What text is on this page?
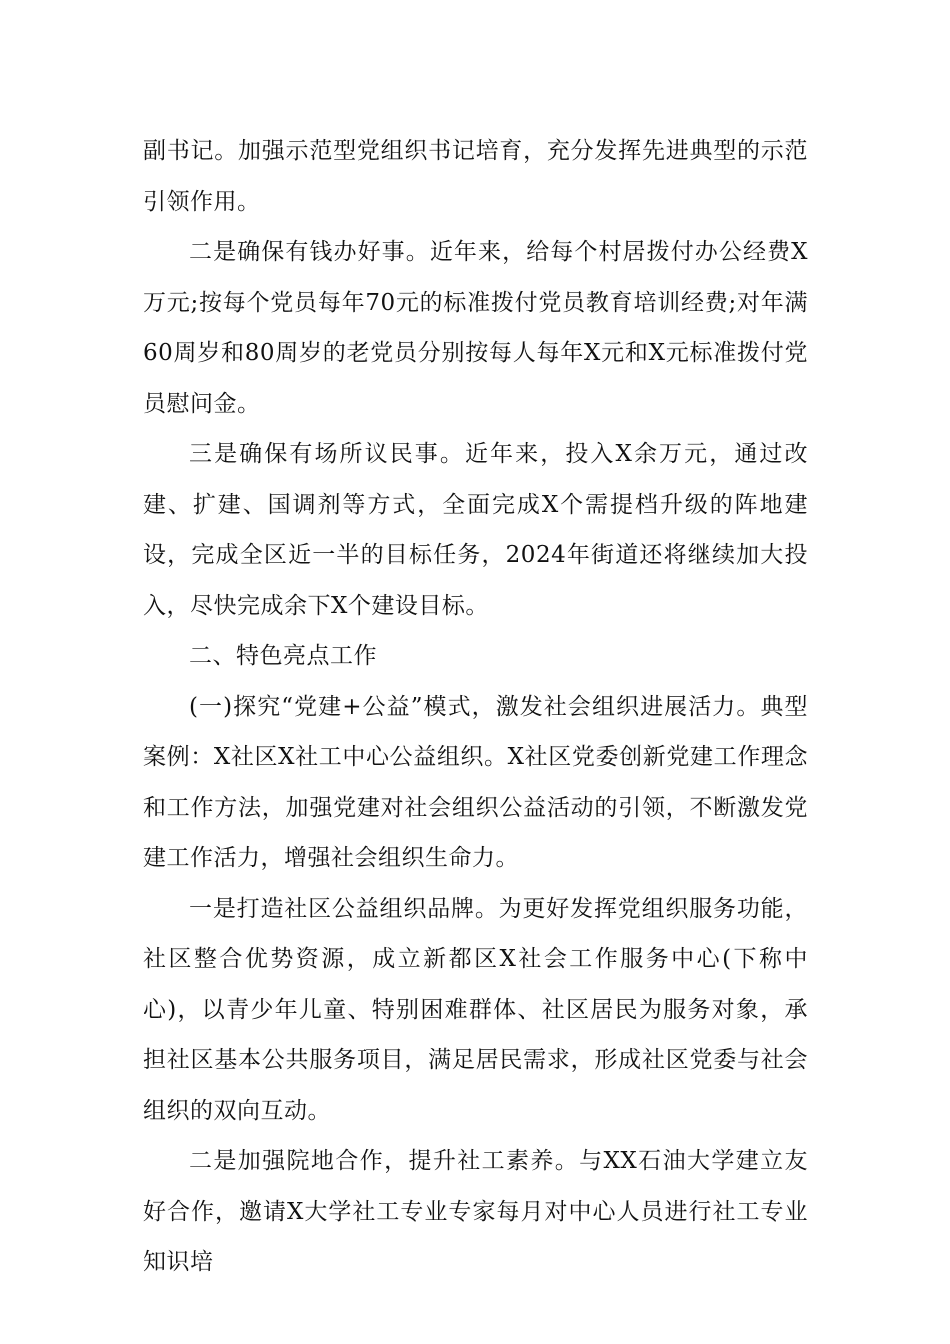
副书记。加强示范型党组织书记培育，充分发挥先进典型的示范引领作用。

二是确保有钱办好事。近年来，给每个村居拨付办公经费X万元;按每个党员每年70元的标准拨付党员教育培训经费;对年满60周岁和80周岁的老党员分别按每人每年X元和X元标准拨付党员慰问金。

三是确保有场所议民事。近年来，投入X余万元，通过改建、扩建、国调剂等方式，全面完成X个需提档升级的阵地建设，完成全区近一半的目标任务，2024年街道还将继续加大投入，尽快完成余下X个建设目标。

二、特色亮点工作

(一)探究“党建+公益”模式，激发社会组织进展活力。典型案例：X社区X社工中心公益组织。X社区党委创新党建工作理念和工作方法，加强党建对社会组织公益活动的引领，不断激发党建工作活力，增强社会组织生命力。

一是打造社区公益组织品牌。为更好发挥党组织服务功能，社区整合优势资源，成立新都区X社会工作服务中心(下称中心)，以青少年儿童、特别困难群体、社区居民为服务对象，承担社区基本公共服务项目，满足居民需求，形成社区党委与社会组织的双向互动。

二是加强院地合作，提升社工素养。与XX石油大学建立友好合作，邀请X大学社工专业专家每月对中心人员进行社工专业知识培
